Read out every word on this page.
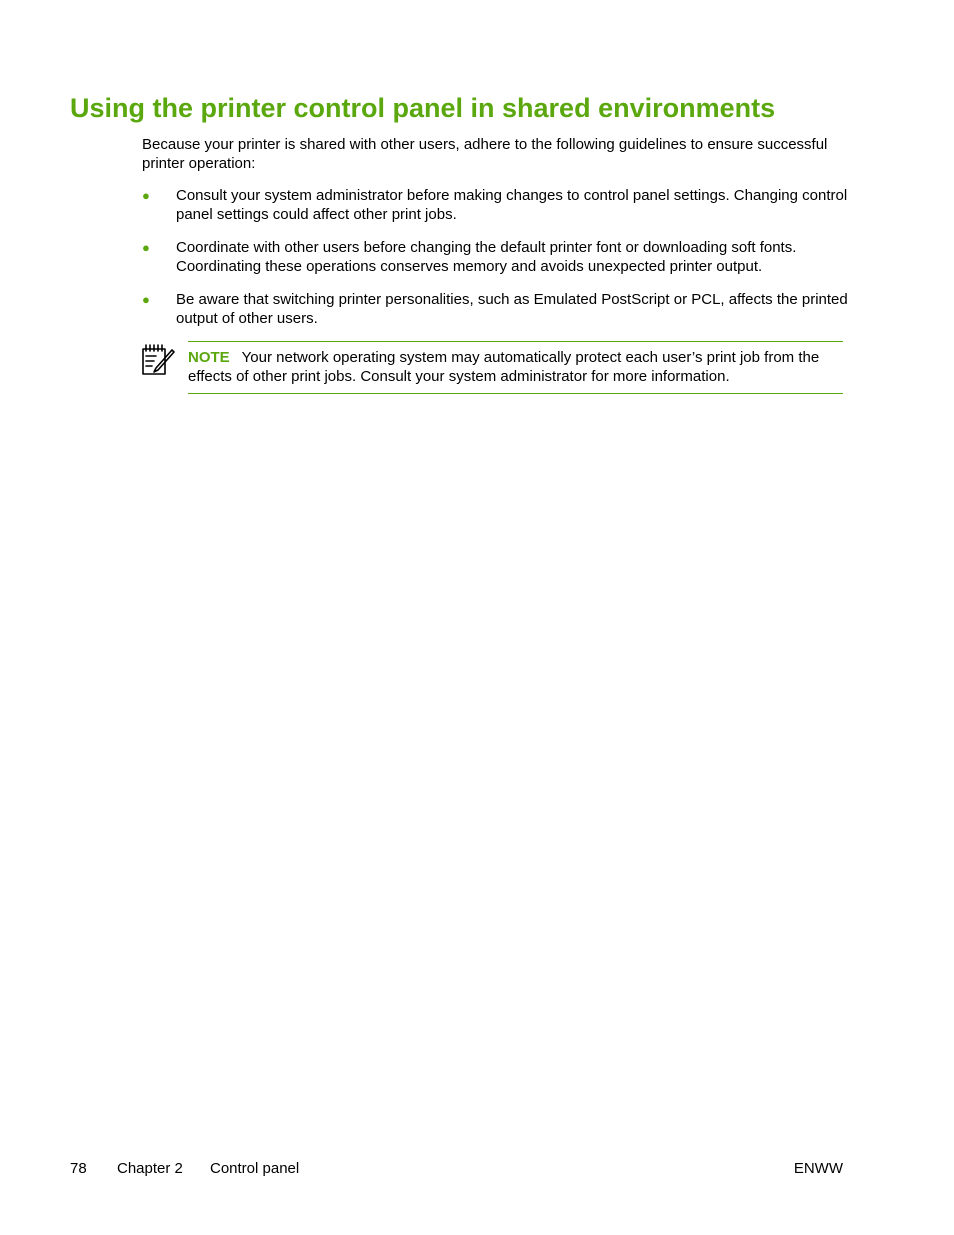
Using the printer control panel in shared environments

Because your printer is shared with other users, adhere to the following guidelines to ensure successful printer operation:

● Consult your system administrator before making changes to control panel settings. Changing control panel settings could affect other print jobs.
● Coordinate with other users before changing the default printer font or downloading soft fonts. Coordinating these operations conserves memory and avoids unexpected printer output.
● Be aware that switching printer personalities, such as Emulated PostScript or PCL, affects the printed output of other users.
NOTE Your network operating system may automatically protect each user’s print job from the effects of other print jobs. Consult your system administrator for more information.
78 Chapter 2 Control panel	ENWW
